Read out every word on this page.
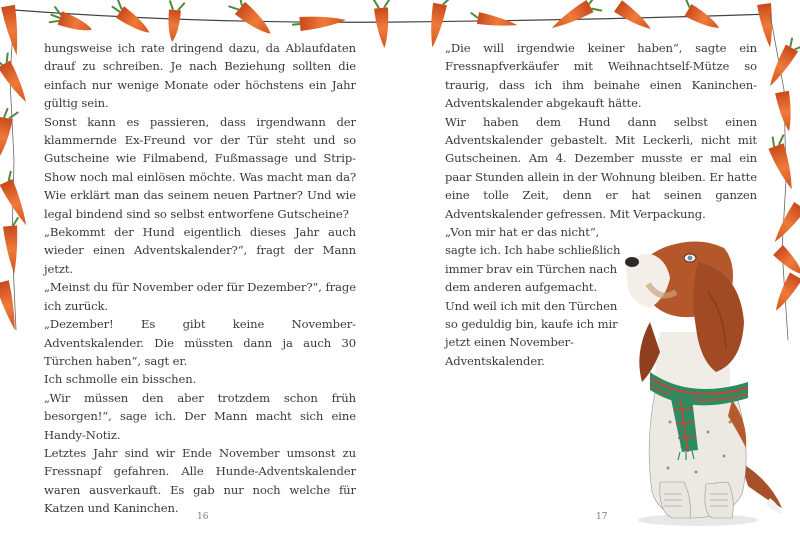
hungsweise ich rate dringend dazu, da Ablaufdaten drauf zu schreiben. Je nach Beziehung sollten die einfach nur wenige Monate oder höchstens ein Jahr gültig sein.

Sonst kann es passieren, dass irgendwann der klammernde Ex-Freund vor der Tür steht und so Gutscheine wie Filmabend, Fußmassage und Strip-Show noch mal einlösen möchte. Was macht man da? Wie erklärt man das seinem neuen Partner? Und wie legal bindend sind so selbst entworfene Gutscheine?

„Bekommt der Hund eigentlich dieses Jahr auch wieder einen Adventskalender?“, fragt der Mann jetzt.

„Meinst du für November oder für Dezember?“, frage ich zurück.

„Dezember! Es gibt keine November-Adventskalender. Die müssten dann ja auch 30 Türchen haben“, sagt er.

Ich schmolle ein bisschen.

„Wir müssen den aber trotzdem schon früh besorgen!“, sage ich. Der Mann macht sich eine Handy-Notiz.

Letztes Jahr sind wir Ende November umsonst zu Fressnapf gefahren. Alle Hunde-Adventskalender waren ausverkauft. Es gab nur noch welche für Katzen und Kaninchen.

16

„Die will irgendwie keiner haben“, sagte ein Fressnapfverkäufer mit Weihnachtself-Mütze so traurig, dass ich ihm beinahe einen Kaninchen-Adventskalender abgekauft hätte.

Wir haben dem Hund dann selbst einen Adventskalender gebastelt. Mit Leckerli, nicht mit Gutscheinen. Am 4. Dezember musste er mal ein paar Stunden allein in der Wohnung bleiben. Er hatte eine tolle Zeit, denn er hat seinen ganzen Adventskalender gefressen. Mit Verpackung.

„Von mir hat er das nicht“, sagte ich. Ich habe schließlich immer brav ein Türchen nach dem anderen aufgemacht.

Und weil ich mit den Türchen so geduldig bin, kaufe ich mir jetzt einen November-Adventskalender.

17
